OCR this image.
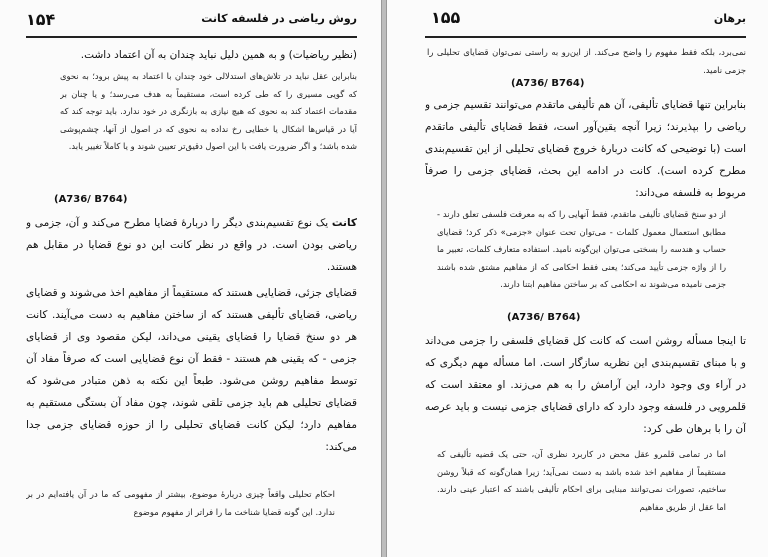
۱۵۴	روش رياضی در فلسفه کانت
(نظير رياضيات) و به همين دليل نبايد چندان به آن اعتماد داشت.
بنابراين عقل نبايد در تلاش‌های استدلالی خود چندان با اعتماد به پيش برود؛ به نحوی که گويی مسيری را که طی کرده است، مستقيماً به هدف می‌رسد؛ و يا چنان بر مقدمات اعتماد کند به نحوی که هيچ نيازی به بازنگری در خود ندارد. بايد توجه کند که آيا در قياس‌ها اشکال يا خطايی رخ نداده به نحوی که در اصول از آنها، چشم‌پوشی شده باشد؛ و اگر ضرورت يافت با اين اصول دقيق‌تر تعيين شوند و يا کاملاً تغيير يابد.
(A736/ B764)
کانت يک نوع تقسيم‌بندی ديگر را دربارهٔ قضايا مطرح می‌کند و آن، جزمی و رياضی بودن است. در واقع در نظر کانت اين دو نوع قضايا در مقابل هم هستند.
قضايای جزئی، قضايايی هستند که مستقيماً از مفاهيم اخذ می‌شوند و قضايای رياضی، قضايای تأليفی هستند که از ساختن مفاهيم به دست می‌آيند. کانت هر دو سنخ قضايا را قضايای يقينی می‌داند، ليکن مقصود وی از قضايای جزمی - که يقينی هم هستند - فقط آن نوع قضايايی است که صرفاً مفاد آن توسط مفاهيم روشن می‌شود. طبعاً اين نکته به ذهن متبادر می‌شود که قضايای تحليلی هم بايد جزمی تلقی شوند، چون مفاد آن بستگی مستقيم به مفاهيم دارد؛ ليکن کانت قضايای تحليلی را از حوزه قضايای جزمی جدا می‌کند:
احکام تحليلی واقعاً چيزی دربارهٔ موضوع، بيشتر از مفهومی که ما در آن يافته‌ايم در بر ندارد. اين گونه قضايا شناخت ما را فراتر از مفهوم موضوع
۱۵۵	برهان
نمی‌برد، بلکه فقط مفهوم را واضح می‌کند. از اين‌رو به راستی نمی‌توان قضايای تحليلی را جزمی ناميد.
(A736/ B764)
بنابراين تنها قضايای تأليفی، آن هم تأليفی ماتقدم می‌توانند تقسيم جزمی و رياضی را بپذيرند؛ زيرا آنچه يقين‌آور است، فقط قضايای تأليفی ماتقدم است (با توضيحی که کانت دربارهٔ خروج قضايای تحليلی از اين تقسيم‌بندی مطرح کرده است). کانت در ادامه اين بحث، قضايای جزمی را صرفاً مربوط به فلسفه می‌داند:
از دو سنخ قضايای تأليفی ماتقدم، فقط آنهايی را که به معرفت فلسفی تعلق دارند - مطابق استعمال معمول کلمات - می‌توان تحت عنوان «جزمی» ذکر کرد؛ قضايای حساب و هندسه را بسختی می‌توان اين‌گونه ناميد. استفاده متعارف کلمات، تعبير ما را از واژه جزمی تأييد می‌کند؛ يعنی فقط احکامی که از مفاهيم مشتق شده باشند جزمی ناميده می‌شوند نه احکامی که بر ساختن مفاهيم ابتنا دارند.
(A736/ B764)
تا اينجا مسأله روشن است که کانت کل قضايای فلسفی را جزمی می‌داند و با مبنای تقسيم‌بندی اين نظريه سازگار است. اما مسأله مهم ديگری که در آراء وی وجود دارد، اين آرامش را به هم می‌زند. او معتقد است که قلمرويی در فلسفه وجود دارد که دارای قضايای جزمی نيست و بايد عرصه آن را با برهان طی کرد:
اما در تمامی قلمرو عقل محض در کاربرد نظری آن، حتی يک قضيه تأليفی که مستقيماً از مفاهيم اخذ شده باشد به دست نمی‌آيد؛ زيرا همان‌گونه که قبلاً روشن ساختيم، تصورات نمی‌توانند مبنايی برای احکام تأليفی باشند که اعتبار عينی دارند. اما عقل از طريق مفاهيم
